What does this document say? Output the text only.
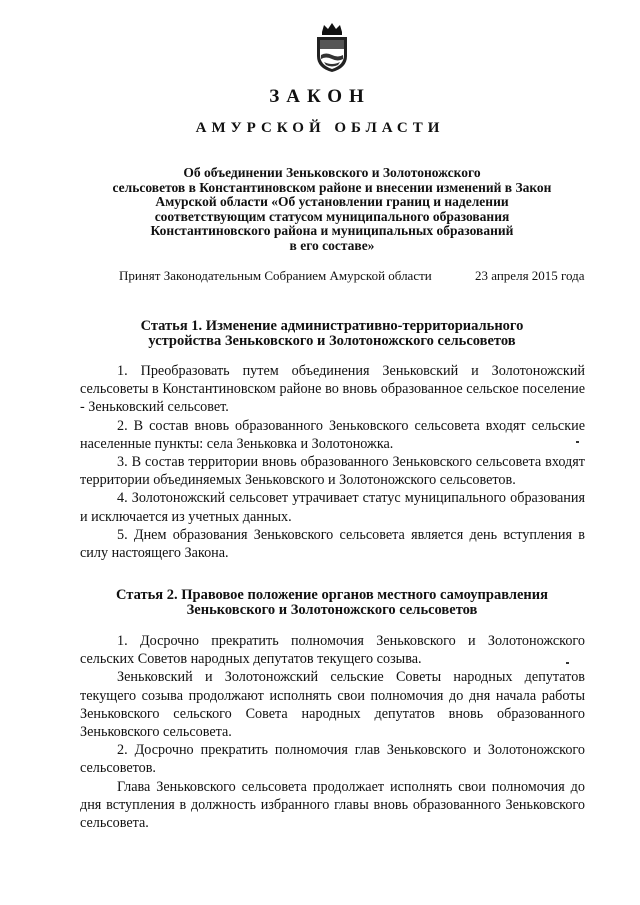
ЗАКОН
АМУРСКОЙ ОБЛАСТИ
Об объединении Зеньковского и Золотоножского
сельсоветов в Константиновском районе и внесении изменений в Закон
Амурской области «Об установлении границ и наделении
соответствующим статусом муниципального образования
Константиновского района и муниципальных образований
в его составе»
Принят Законодательным Собранием Амурской области	23 апреля 2015 года
Статья 1. Изменение административно-территориального
устройства Зеньковского и Золотоножского сельсоветов

1. Преобразовать путем объединения Зеньковский и Золотоножский сельсоветы в Константиновском районе во вновь образованное сельское поселение - Зеньковский сельсовет.

2. В состав вновь образованного Зеньковского сельсовета входят сельские населенные пункты: села Зеньковка и Золотоножка.

3. В состав территории вновь образованного Зеньковского сельсовета входят территории объединяемых Зеньковского и Золотоножского сельсоветов.

4. Золотоножский сельсовет утрачивает статус муниципального образования и исключается из учетных данных.

5. Днем образования Зеньковского сельсовета является день вступления в силу настоящего Закона.

Статья 2. Правовое положение органов местного самоуправления
Зеньковского и Золотоножского сельсоветов

1. Досрочно прекратить полномочия Зеньковского и Золотоножского сельских Советов народных депутатов текущего созыва.

Зеньковский и Золотоножский сельские Советы народных депутатов текущего созыва продолжают исполнять свои полномочия до дня начала работы Зеньковского сельского Совета народных депутатов вновь образованного Зеньковского сельсовета.

2. Досрочно прекратить полномочия глав Зеньковского и Золотоножского сельсоветов.

Глава Зеньковского сельсовета продолжает исполнять свои полномочия до дня вступления в должность избранного главы вновь образованного Зеньковского сельсовета.
